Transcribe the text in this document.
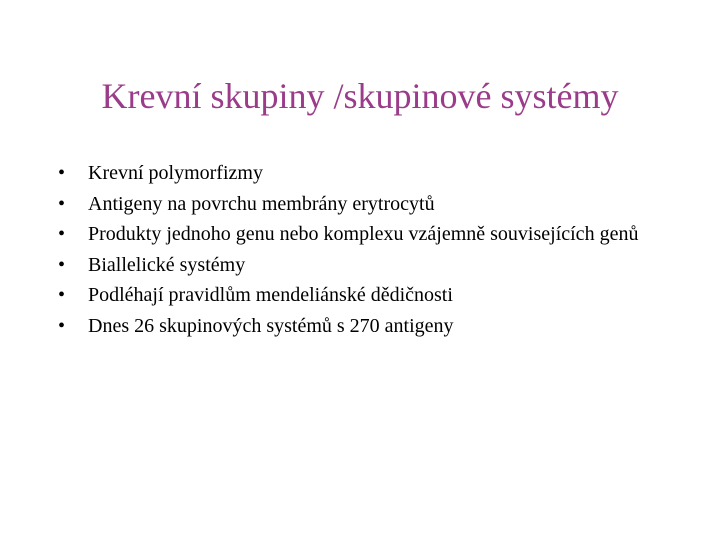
Krevní skupiny /skupinové systémy
•	Krevní polymorfizmy
•	Antigeny na povrchu membrány erytrocytů
•	Produkty jednoho genu nebo komplexu vzájemně souvisejících genů
•	Biallelické systémy
•	Podléhají pravidlům mendeliánské dědičnosti
•	Dnes 26 skupinových systémů s 270 antigeny
